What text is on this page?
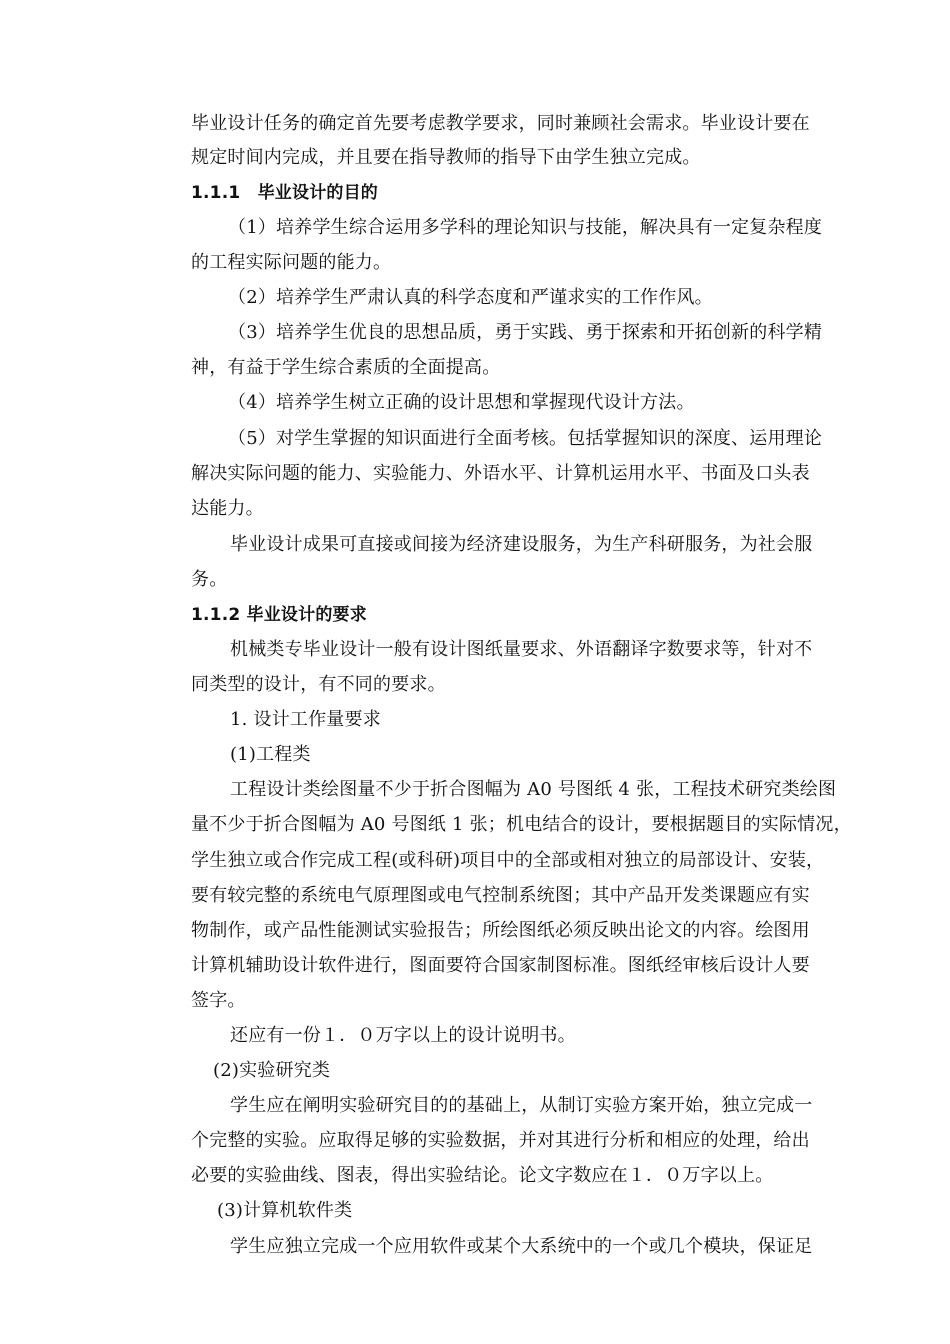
毕业设计任务的确定首先要考虑教学要求，同时兼顾社会需求。毕业设计要在
规定时间内完成，并且要在指导教师的指导下由学生独立完成。
1.1.1　毕业设计的目的
（1）培养学生综合运用多学科的理论知识与技能，解决具有一定复杂程度
的工程实际问题的能力。
（2）培养学生严肃认真的科学态度和严谨求实的工作作风。
（3）培养学生优良的思想品质，勇于实践、勇于探索和开拓创新的科学精
神，有益于学生综合素质的全面提高。
（4）培养学生树立正确的设计思想和掌握现代设计方法。
（5）对学生掌握的知识面进行全面考核。包括掌握知识的深度、运用理论
解决实际问题的能力、实验能力、外语水平、计算机运用水平、书面及口头表
达能力。
毕业设计成果可直接或间接为经济建设服务，为生产科研服务，为社会服
务。
1.1.2 毕业设计的要求
机械类专毕业设计一般有设计图纸量要求、外语翻译字数要求等，针对不
同类型的设计，有不同的要求。
1. 设计工作量要求
(1)工程类
工程设计类绘图量不少于折合图幅为 A0 号图纸 4 张，工程技术研究类绘图
量不少于折合图幅为 A0 号图纸 1 张；机电结合的设计，要根据题目的实际情况，
学生独立或合作完成工程(或科研)项目中的全部或相对独立的局部设计、安装，
要有较完整的系统电气原理图或电气控制系统图；其中产品开发类课题应有实
物制作，或产品性能测试实验报告；所绘图纸必须反映出论文的内容。绘图用
计算机辅助设计软件进行，图面要符合国家制图标准。图纸经审核后设计人要
签字。
还应有一份１．０万字以上的设计说明书。
(2)实验研究类
学生应在阐明实验研究目的的基础上，从制订实验方案开始，独立完成一
个完整的实验。应取得足够的实验数据，并对其进行分析和相应的处理，给出
必要的实验曲线、图表，得出实验结论。论文字数应在１．０万字以上。
(3)计算机软件类
学生应独立完成一个应用软件或某个大系统中的一个或几个模块，保证足
